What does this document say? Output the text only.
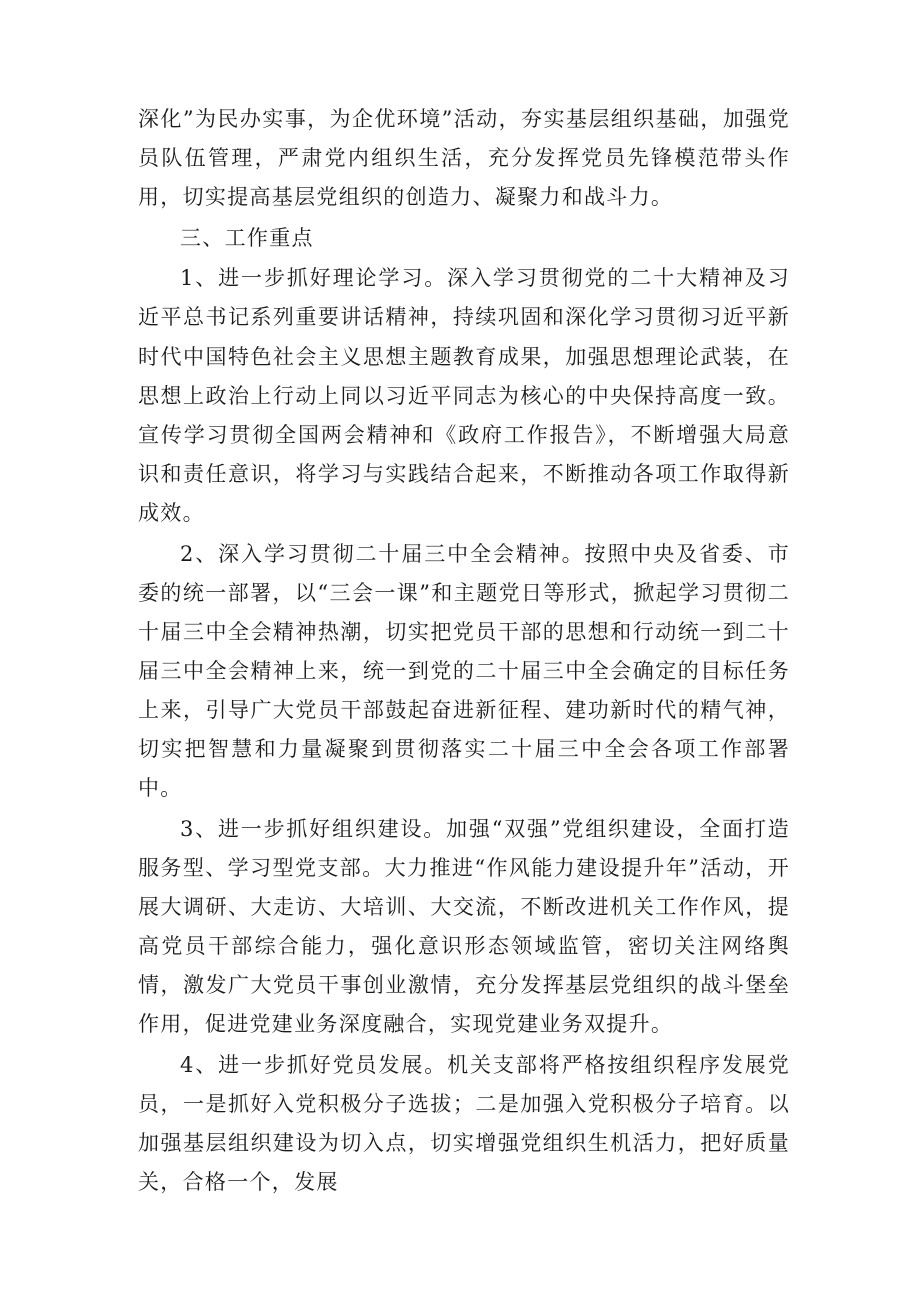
深化”为民办实事，为企优环境”活动，夯实基层组织基础，加强党员队伍管理，严肃党内组织生活，充分发挥党员先锋模范带头作用，切实提高基层党组织的创造力、凝聚力和战斗力。

三、工作重点

1、进一步抓好理论学习。深入学习贯彻党的二十大精神及习近平总书记系列重要讲话精神，持续巩固和深化学习贯彻习近平新时代中国特色社会主义思想主题教育成果，加强思想理论武装，在思想上政治上行动上同以习近平同志为核心的中央保持高度一致。宣传学习贯彻全国两会精神和《政府工作报告》，不断增强大局意识和责任意识，将学习与实践结合起来，不断推动各项工作取得新成效。

2、深入学习贯彻二十届三中全会精神。按照中央及省委、市委的统一部署，以“三会一课”和主题党日等形式，掀起学习贯彻二十届三中全会精神热潮，切实把党员干部的思想和行动统一到二十届三中全会精神上来，统一到党的二十届三中全会确定的目标任务上来，引导广大党员干部鼓起奋进新征程、建功新时代的精气神，切实把智慧和力量凝聚到贯彻落实二十届三中全会各项工作部署中。

3、进一步抓好组织建设。加强“双强”党组织建设，全面打造服务型、学习型党支部。大力推进“作风能力建设提升年”活动，开展大调研、大走访、大培训、大交流，不断改进机关工作作风，提高党员干部综合能力，强化意识形态领域监管，密切关注网络舆情，激发广大党员干事创业激情，充分发挥基层党组织的战斗堡垒作用，促进党建业务深度融合，实现党建业务双提升。

4、进一步抓好党员发展。机关支部将严格按组织程序发展党员，一是抓好入党积极分子选拔；二是加强入党积极分子培育。以加强基层组织建设为切入点，切实增强党组织生机活力，把好质量关，合格一个，发展
